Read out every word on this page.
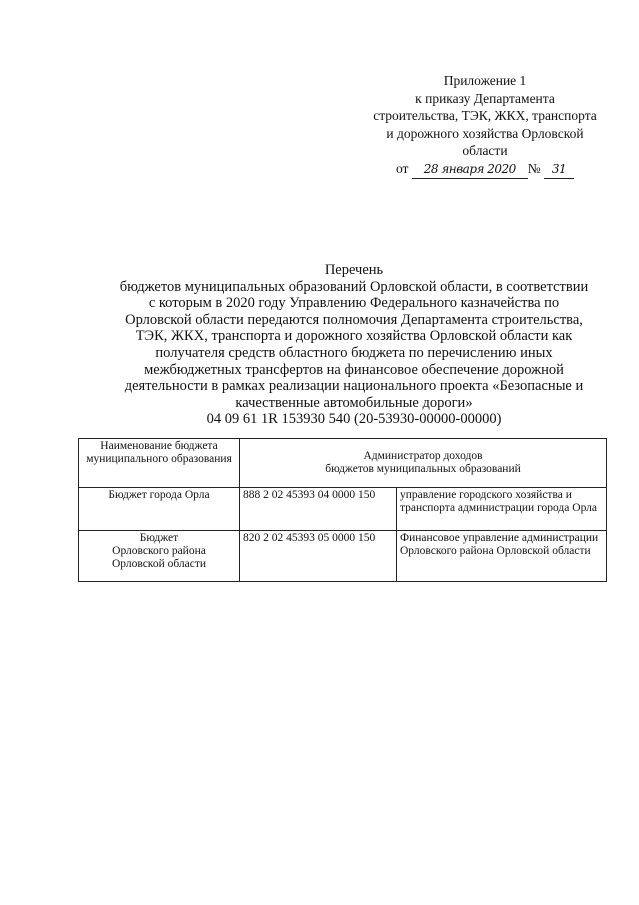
Приложение 1
к приказу Департамента
строительства, ТЭК, ЖКХ, транспорта
и дорожного хозяйства Орловской
области
от 28 января 2020 № 31
Перечень
бюджетов муниципальных образований Орловской области, в соответствии
с которым в 2020 году Управлению Федерального казначейства по
Орловской области передаются полномочия Департамента строительства,
ТЭК, ЖКХ, транспорта и дорожного хозяйства Орловской области как
получателя средств областного бюджета по перечислению иных
межбюджетных трансфертов на финансовое обеспечение дорожной
деятельности в рамках реализации национального проекта «Безопасные и
качественные автомобильные дороги»
04 09 61 1R 153930 540 (20-53930-00000-00000)
Наименование бюджета муниципального образования	Администратор доходов
бюджетов муниципальных образований	

Бюджет города Орла	888 2 02 45393 04 0000 150	управление городского хозяйства и транспорта администрации города Орла

Бюджет
Орловского района
Орловской области	820 2 02 45393 05 0000 150	Финансовое управление администрации Орловского района Орловской области
